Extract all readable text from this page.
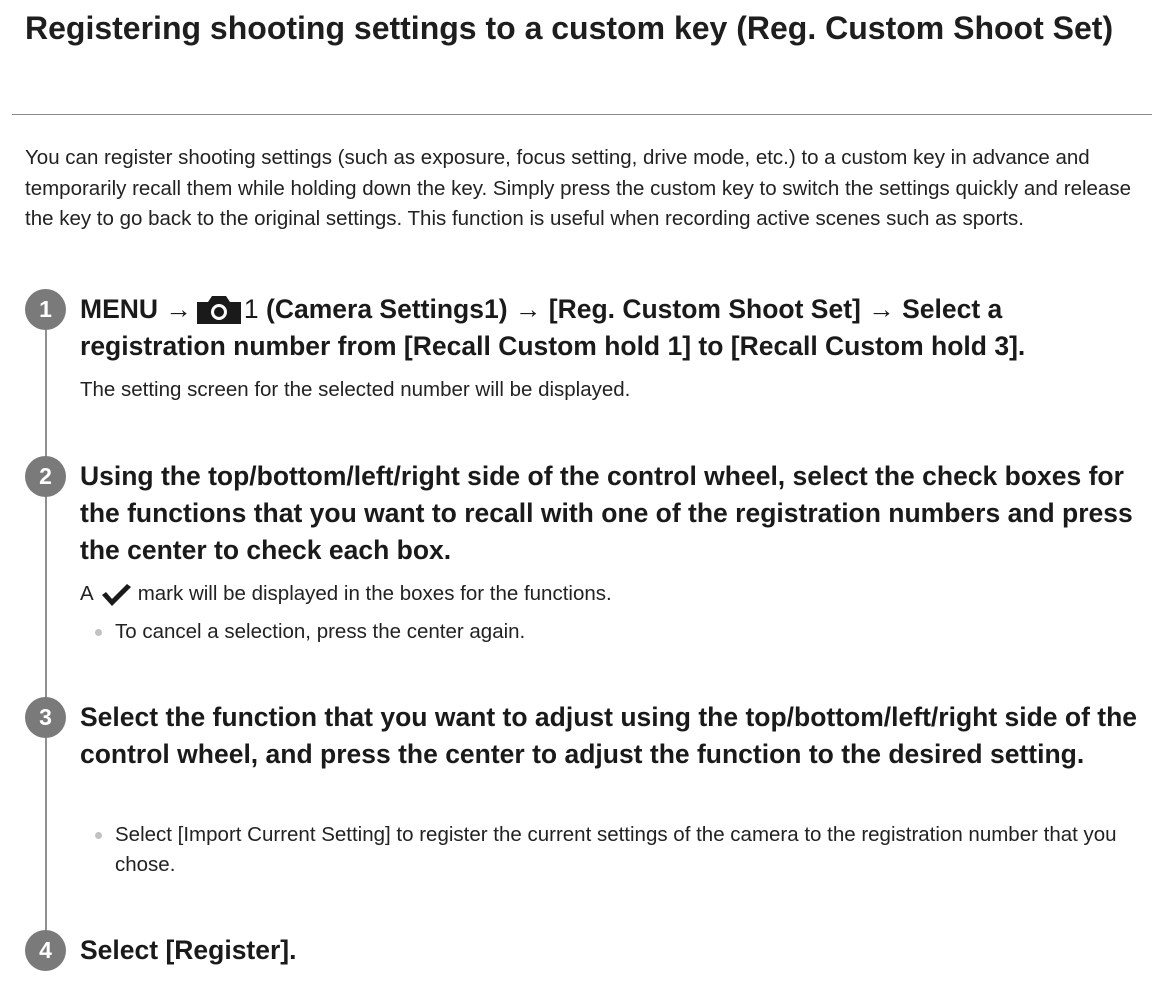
Registering shooting settings to a custom key (Reg. Custom Shoot Set)

You can register shooting settings (such as exposure, focus setting, drive mode, etc.) to a custom key in advance and temporarily recall them while holding down the key. Simply press the custom key to switch the settings quickly and release the key to go back to the original settings. This function is useful when recording active scenes such as sports.

1	MENU → 1 (Camera Settings1) → [Reg. Custom Shoot Set] → Select a registration number from [Recall Custom hold 1] to [Recall Custom hold 3].

The setting screen for the selected number will be displayed.

2	Using the top/bottom/left/right side of the control wheel, select the check boxes for the functions that you want to recall with one of the registration numbers and press the center to check each box.

A mark will be displayed in the boxes for the functions.

To cancel a selection, press the center again.
3	Select the function that you want to adjust using the top/bottom/left/right side of the control wheel, and press the center to adjust the function to the desired setting.

Select [Import Current Setting] to register the current settings of the camera to the registration number that you chose.
4	Select [Register].
